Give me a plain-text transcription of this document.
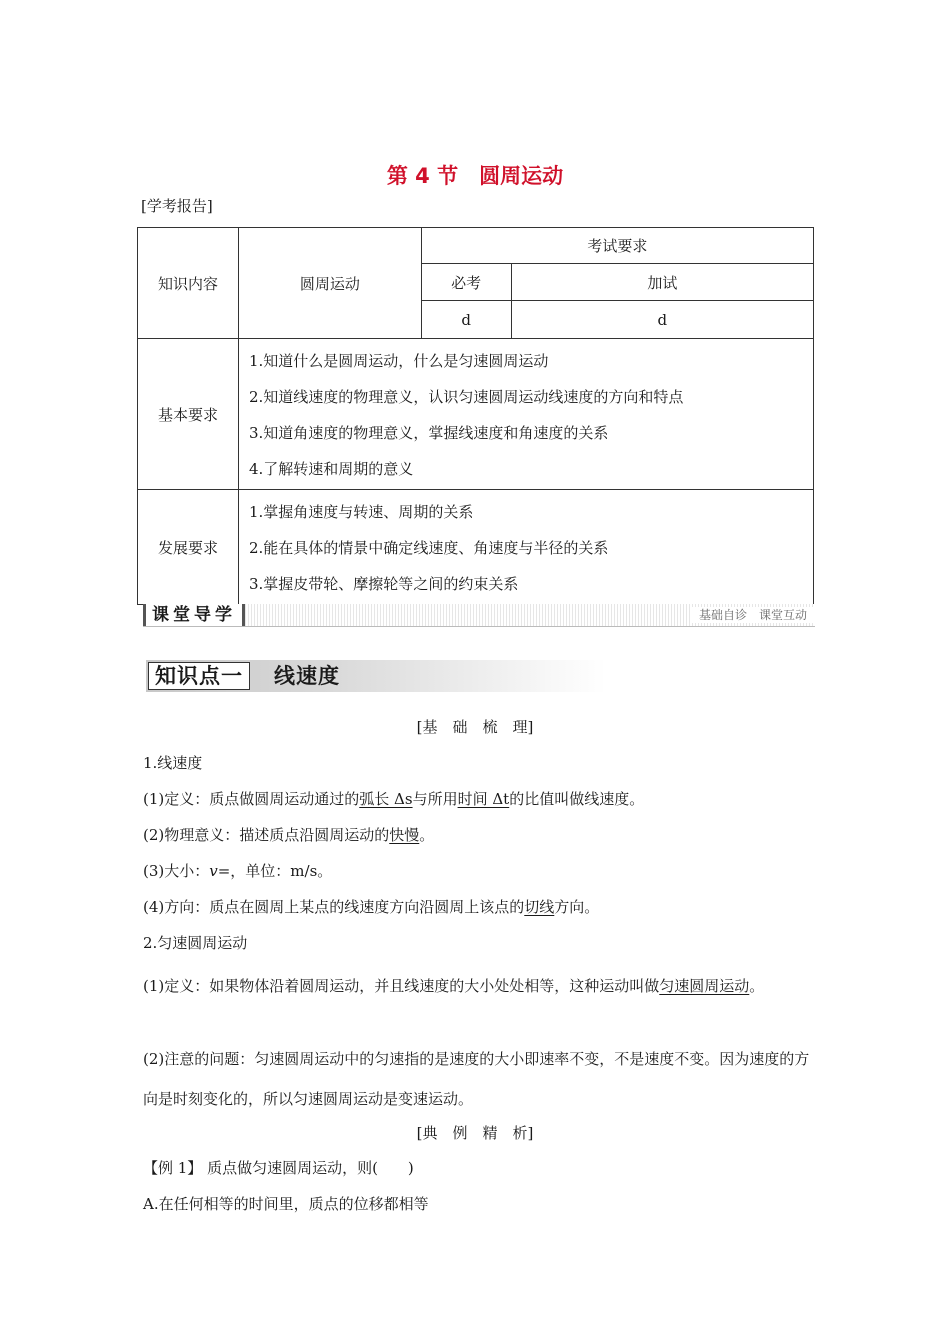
第 4 节　圆周运动
[学考报告]
知识内容	圆周运动	考试要求	
		必考	加试
		d	d
基本要求	1.知道什么是圆周运动，什么是匀速圆周运动
2.知道线速度的物理意义，认识匀速圆周运动线速度的方向和特点
3.知道角速度的物理意义，掌握线速度和角速度的关系
4.了解转速和周期的意义		

发展要求	1.掌握角速度与转速、周期的关系
2.能在具体的情景中确定线速度、角速度与半径的关系
3.掌握皮带轮、摩擦轮等之间的约束关系		
课堂导学	基础自诊　课堂互动
知识点一	线速度
[基　础　梳　理]
1.线速度
(1)定义：质点做圆周运动通过的弧长 Δs与所用时间 Δt的比值叫做线速度。
(2)物理意义：描述质点沿圆周运动的快慢。
(3)大小：v=，单位：m/s。
(4)方向：质点在圆周上某点的线速度方向沿圆周上该点的切线方向。
2.匀速圆周运动
(1)定义：如果物体沿着圆周运动，并且线速度的大小处处相等，这种运动叫做匀速圆周运动。
(2)注意的问题：匀速圆周运动中的匀速指的是速度的大小即速率不变，不是速度不变。因为速度的方向是时刻变化的，所以匀速圆周运动是变速运动。
[典　例　精　析]
【例 1】 质点做匀速圆周运动，则(　　)
A.在任何相等的时间里，质点的位移都相等
